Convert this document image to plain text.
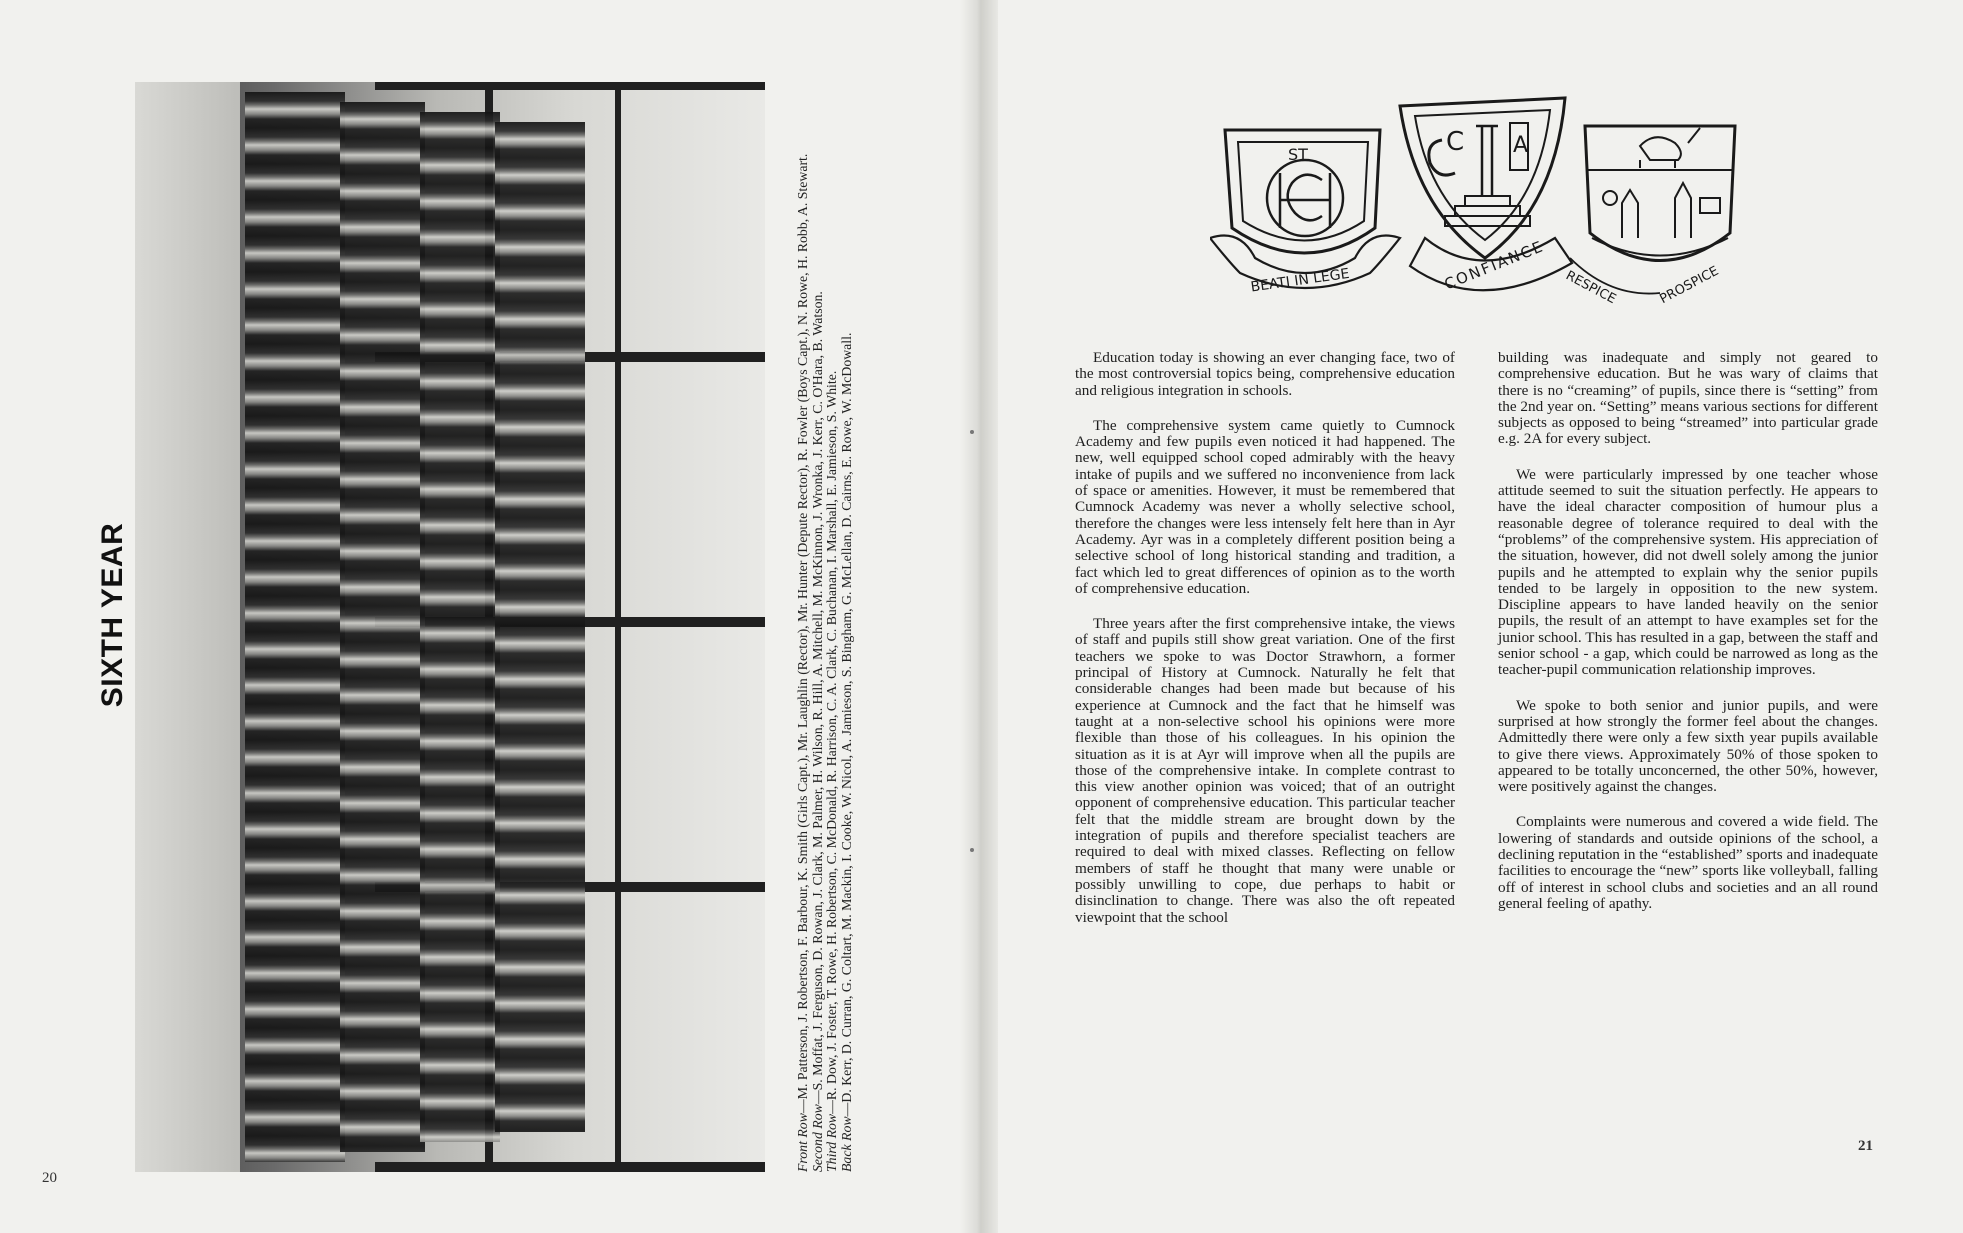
SIXTH YEAR

Front Row—M. Patterson, J. Robertson, F. Barbour, K. Smith (Girls Capt.), Mr. Laughlin (Rector), Mr. Hunter (Depute Rector), R. Fowler (Boys Capt.), N. Rowe, H. Robb, A. Stewart.

Second Row—S. Moffat, J. Ferguson, D. Rowan, J. Clark, M. Palmer, H. Wilson, R. Hill, A. Mitchell, M. McKinnon, J. Wronka, J. Kerr, C. O'Hara, B. Watson.

Third Row—R. Dow, J. Foster, T. Rowe, H. Robertson, C. McDonald, R. Harrison, C. A. Clark, C. Buchanan, I. Marshall, E. Jamieson, S. White.

Back Row—D. Kerr, D. Curran, G. Coltart, M. Mackin, I. Cooke, W. Nicol, A. Jamieson, S. Bingham, G. McLellan, D. Cairns, E. Rowe, W. McDowall.

20
ST
BEATI IN LEGE
C A
CONFIANCE RESPICE	PROSPICE

Education today is showing an ever changing face, two of the most controversial topics being, comprehensive education and religious integration in schools.

The comprehensive system came quietly to Cumnock Academy and few pupils even noticed it had happened. The new, well equipped school coped admirably with the heavy intake of pupils and we suffered no inconvenience from lack of space or amenities. However, it must be remembered that Cumnock Academy was never a wholly selective school, therefore the changes were less intensely felt here than in Ayr Academy. Ayr was in a completely different position being a selective school of long historical standing and tradition, a fact which led to great differences of opinion as to the worth of comprehensive education.

Three years after the first comprehensive intake, the views of staff and pupils still show great variation. One of the first teachers we spoke to was Doctor Strawhorn, a former principal of History at Cumnock. Naturally he felt that considerable changes had been made but because of his experience at Cumnock and the fact that he himself was taught at a non-selective school his opinions were more flexible than those of his colleagues. In his opinion the situation as it is at Ayr will improve when all the pupils are those of the comprehensive intake. In complete contrast to this view another opinion was voiced; that of an outright opponent of comprehensive education. This particular teacher felt that the middle stream are brought down by the integration of pupils and therefore specialist teachers are required to deal with mixed classes. Reflecting on fellow members of staff he thought that many were unable or possibly unwilling to cope, due perhaps to habit or disinclination to change. There was also the oft repeated viewpoint that the school

building was inadequate and simply not geared to comprehensive education. But he was wary of claims that there is no “creaming” of pupils, since there is “setting” from the 2nd year on. “Setting” means various sections for different subjects as opposed to being “streamed” into particular grade e.g. 2A for every subject.

We were particularly impressed by one teacher whose attitude seemed to suit the situation perfectly. He appears to have the ideal character composition of humour plus a reasonable degree of tolerance required to deal with the “problems” of the comprehensive system. His appreciation of the situation, however, did not dwell solely among the junior pupils and he attempted to explain why the senior pupils tended to be largely in opposition to the new system. Discipline appears to have landed heavily on the senior pupils, the result of an attempt to have examples set for the junior school. This has resulted in a gap, between the staff and senior school - a gap, which could be narrowed as long as the teacher-pupil communication relationship improves.

We spoke to both senior and junior pupils, and were surprised at how strongly the former feel about the changes. Admittedly there were only a few sixth year pupils available to give there views. Approximately 50% of those spoken to appeared to be totally unconcerned, the other 50%, however, were positively against the changes.

Complaints were numerous and covered a wide field. The lowering of standards and outside opinions of the school, a declining reputation in the “established” sports and inadequate facilities to encourage the “new” sports like volleyball, falling off of interest in school clubs and societies and an all round general feeling of apathy.

21
